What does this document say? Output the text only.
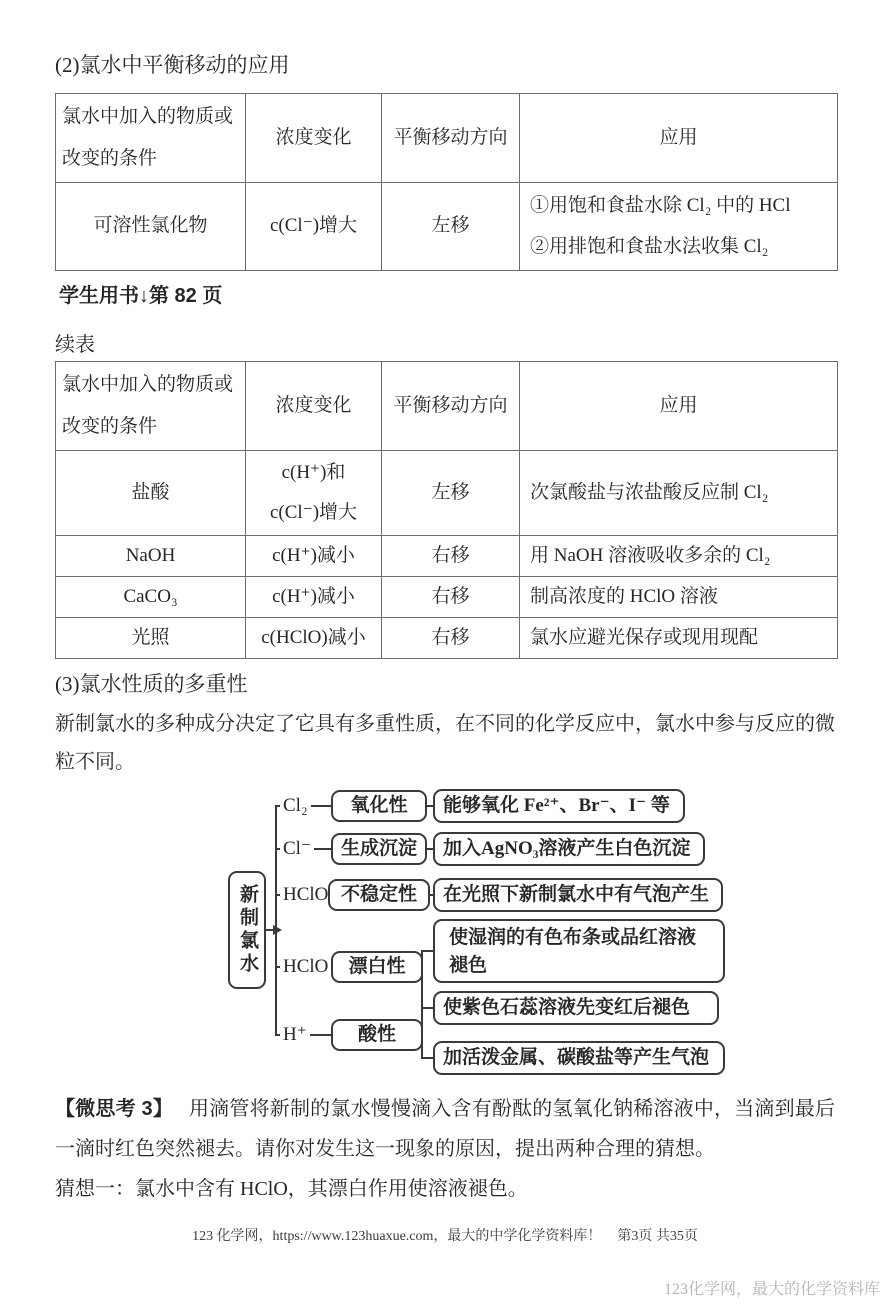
(2)氯水中平衡移动的应用

氯水中加入的物质或改变的条件	浓度变化	平衡移动方向	应用
可溶性氯化物	c(Cl⁻)增大	左移	①用饱和食盐水除 Cl₂ 中的 HCl
②用排饱和食盐水法收集 Cl₂

学生用书↓第 82 页

续表

氯水中加入的物质或改变的条件	浓度变化	平衡移动方向	应用
盐酸	c(H⁺)和
c(Cl⁻)增大	左移	次氯酸盐与浓盐酸反应制 Cl₂
NaOH	c(H⁺)减小	右移	用 NaOH 溶液吸收多余的 Cl₂
CaCO₃	c(H⁺)减小	右移	制高浓度的 HClO 溶液
光照	c(HClO)减小	右移	氯水应避光保存或现用现配

(3)氯水性质的多重性

新制氯水的多种成分决定了它具有多重性质，在不同的化学反应中，氯水中参与反应的微粒不同。

新制氯水
Cl₂	氧化性	能够氧化 Fe²⁺、Br⁻、I⁻ 等
Cl⁻	生成沉淀	加入AgNO₃溶液产生白色沉淀
HClO 不稳定性	在光照下新制氯水中有气泡产生
HClO	漂白性
H⁺	酸性
使湿润的有色布条或品红溶液褪色
使紫色石蕊溶液先变红后褪色
加活泼金属、碳酸盐等产生气泡

【微思考 3】 用滴管将新制的氯水慢慢滴入含有酚酞的氢氧化钠稀溶液中，当滴到最后一滴时红色突然褪去。请你对发生这一现象的原因，提出两种合理的猜想。

猜想一：氯水中含有 HClO，其漂白作用使溶液褪色。

123 化学网，https://www.123huaxue.com，最大的中学化学资料库！ 第3页 共35页

123化学网，最大的化学资料库
